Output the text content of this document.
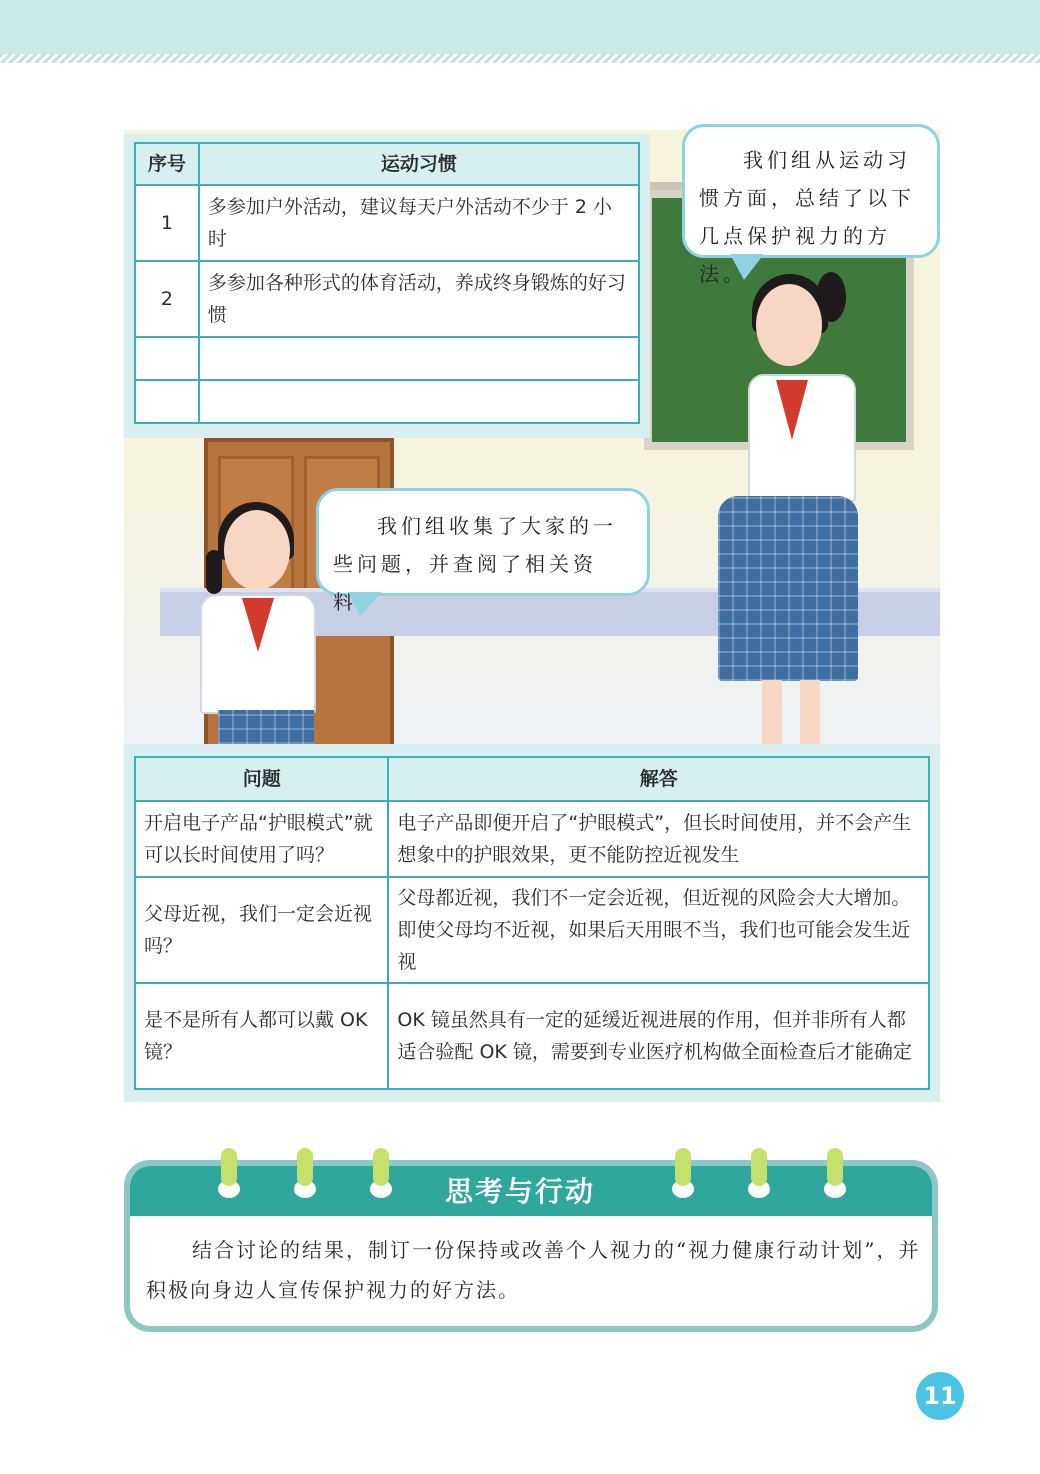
我们组从运动习惯方面，总结了以下几点保护视力的方法。
我们组收集了大家的一些问题，并查阅了相关资料。
序号	运动习惯
1	多参加户外活动，建议每天户外活动不少于 2 小时
2	多参加各种形式的体育活动，养成终身锻炼的好习惯

问题	解答
开启电子产品“护眼模式”就可以长时间使用了吗？	电子产品即便开启了“护眼模式”，但长时间使用，并不会产生想象中的护眼效果，更不能防控近视发生
父母近视，我们一定会近视吗？	父母都近视，我们不一定会近视，但近视的风险会大大增加。即使父母均不近视，如果后天用眼不当，我们也可能会发生近视
是不是所有人都可以戴 OK 镜？	OK 镜虽然具有一定的延缓近视进展的作用，但并非所有人都适合验配 OK 镜，需要到专业医疗机构做全面检查后才能确定
思考与行动
结合讨论的结果，制订一份保持或改善个人视力的“视力健康行动计划”，并积极向身边人宣传保护视力的好方法。
11
